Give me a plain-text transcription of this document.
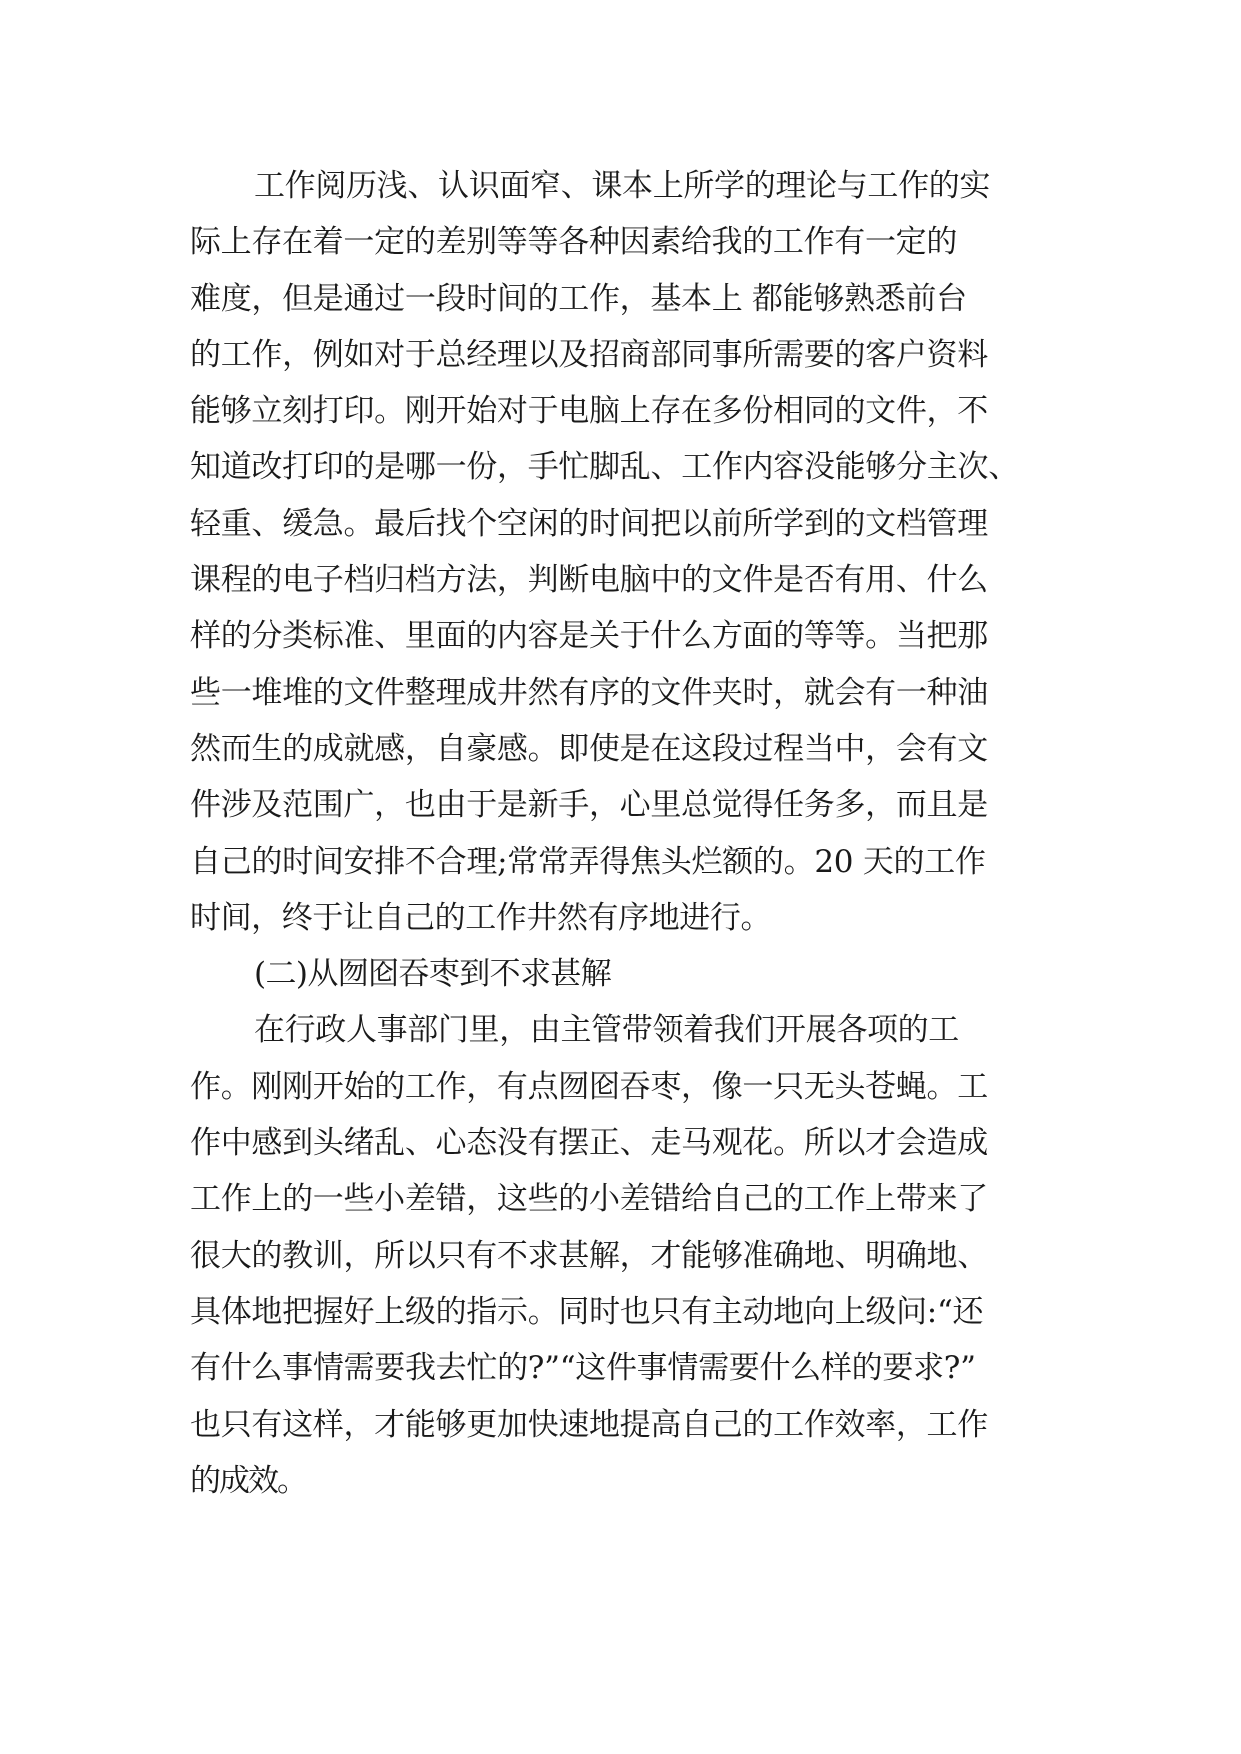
工作阅历浅、认识面窄、课本上所学的理论与工作的实
际上存在着一定的差别等等各种因素给我的工作有一定的
难度，但是通过一段时间的工作，基本上 都能够熟悉前台
的工作，例如对于总经理以及招商部同事所需要的客户资料
能够立刻打印。刚开始对于电脑上存在多份相同的文件，不
知道改打印的是哪一份，手忙脚乱、工作内容没能够分主次、
轻重、缓急。最后找个空闲的时间把以前所学到的文档管理
课程的电子档归档方法，判断电脑中的文件是否有用、什么
样的分类标准、里面的内容是关于什么方面的等等。当把那
些一堆堆的文件整理成井然有序的文件夹时，就会有一种油
然而生的成就感，自豪感。即使是在这段过程当中，会有文
件涉及范围广，也由于是新手，心里总觉得任务多，而且是
自己的时间安排不合理;常常弄得焦头烂额的。20 天的工作
时间，终于让自己的工作井然有序地进行。
(二)从囫囵吞枣到不求甚解
在行政人事部门里，由主管带领着我们开展各项的工
作。刚刚开始的工作，有点囫囵吞枣，像一只无头苍蝇。工
作中感到头绪乱、心态没有摆正、走马观花。所以才会造成
工作上的一些小差错，这些的小差错给自己的工作上带来了
很大的教训，所以只有不求甚解，才能够准确地、明确地、
具体地把握好上级的指示。同时也只有主动地向上级问:“还
有什么事情需要我去忙的?”“这件事情需要什么样的要求?”
也只有这样，才能够更加快速地提高自己的工作效率，工作
的成效。
